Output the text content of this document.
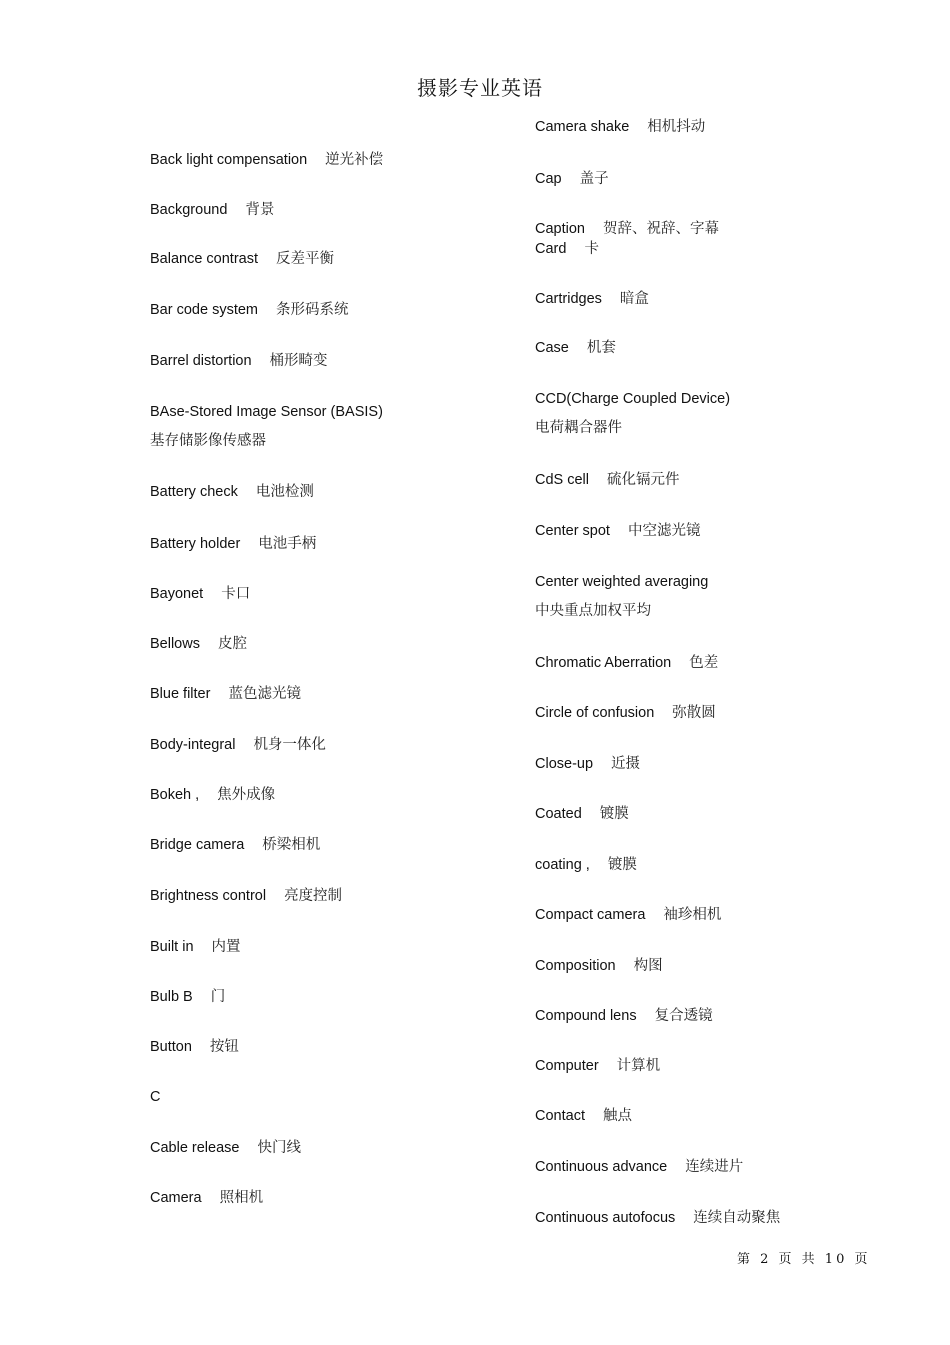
摄影专业英语
Back light compensation 逆光补偿
Background 背景
Balance contrast 反差平衡
Bar code system 条形码系统
Barrel distortion 桶形畸变
BAse-Stored Image Sensor (BASIS)
基存储影像传感器
Battery check 电池检测
Battery holder 电池手柄
Bayonet 卡口
Bellows 皮腔
Blue filter 蓝色滤光镜
Body-integral 机身一体化
Bokeh , 焦外成像
Bridge camera 桥梁相机
Brightness control 亮度控制
Built in 内置
Bulb B 门
Button 按钮
C
Cable release 快门线
Camera 照相机
Camera shake 相机抖动
Cap 盖子
Caption 贺辞、祝辞、字幕
Card 卡
Cartridges 暗盒
Case 机套
CCD(Charge Coupled Device)
电荷耦合器件
CdS cell 硫化镉元件
Center spot 中空滤光镜
Center weighted averaging
中央重点加权平均
Chromatic Aberration 色差
Circle of confusion 弥散圆
Close-up 近摄
Coated 镀膜
coating , 镀膜
Compact camera 袖珍相机
Composition 构图
Compound lens 复合透镜
Computer 计算机
Contact 触点
Continuous advance 连续进片
Continuous autofocus 连续自动聚焦
第 2 页 共 10 页
